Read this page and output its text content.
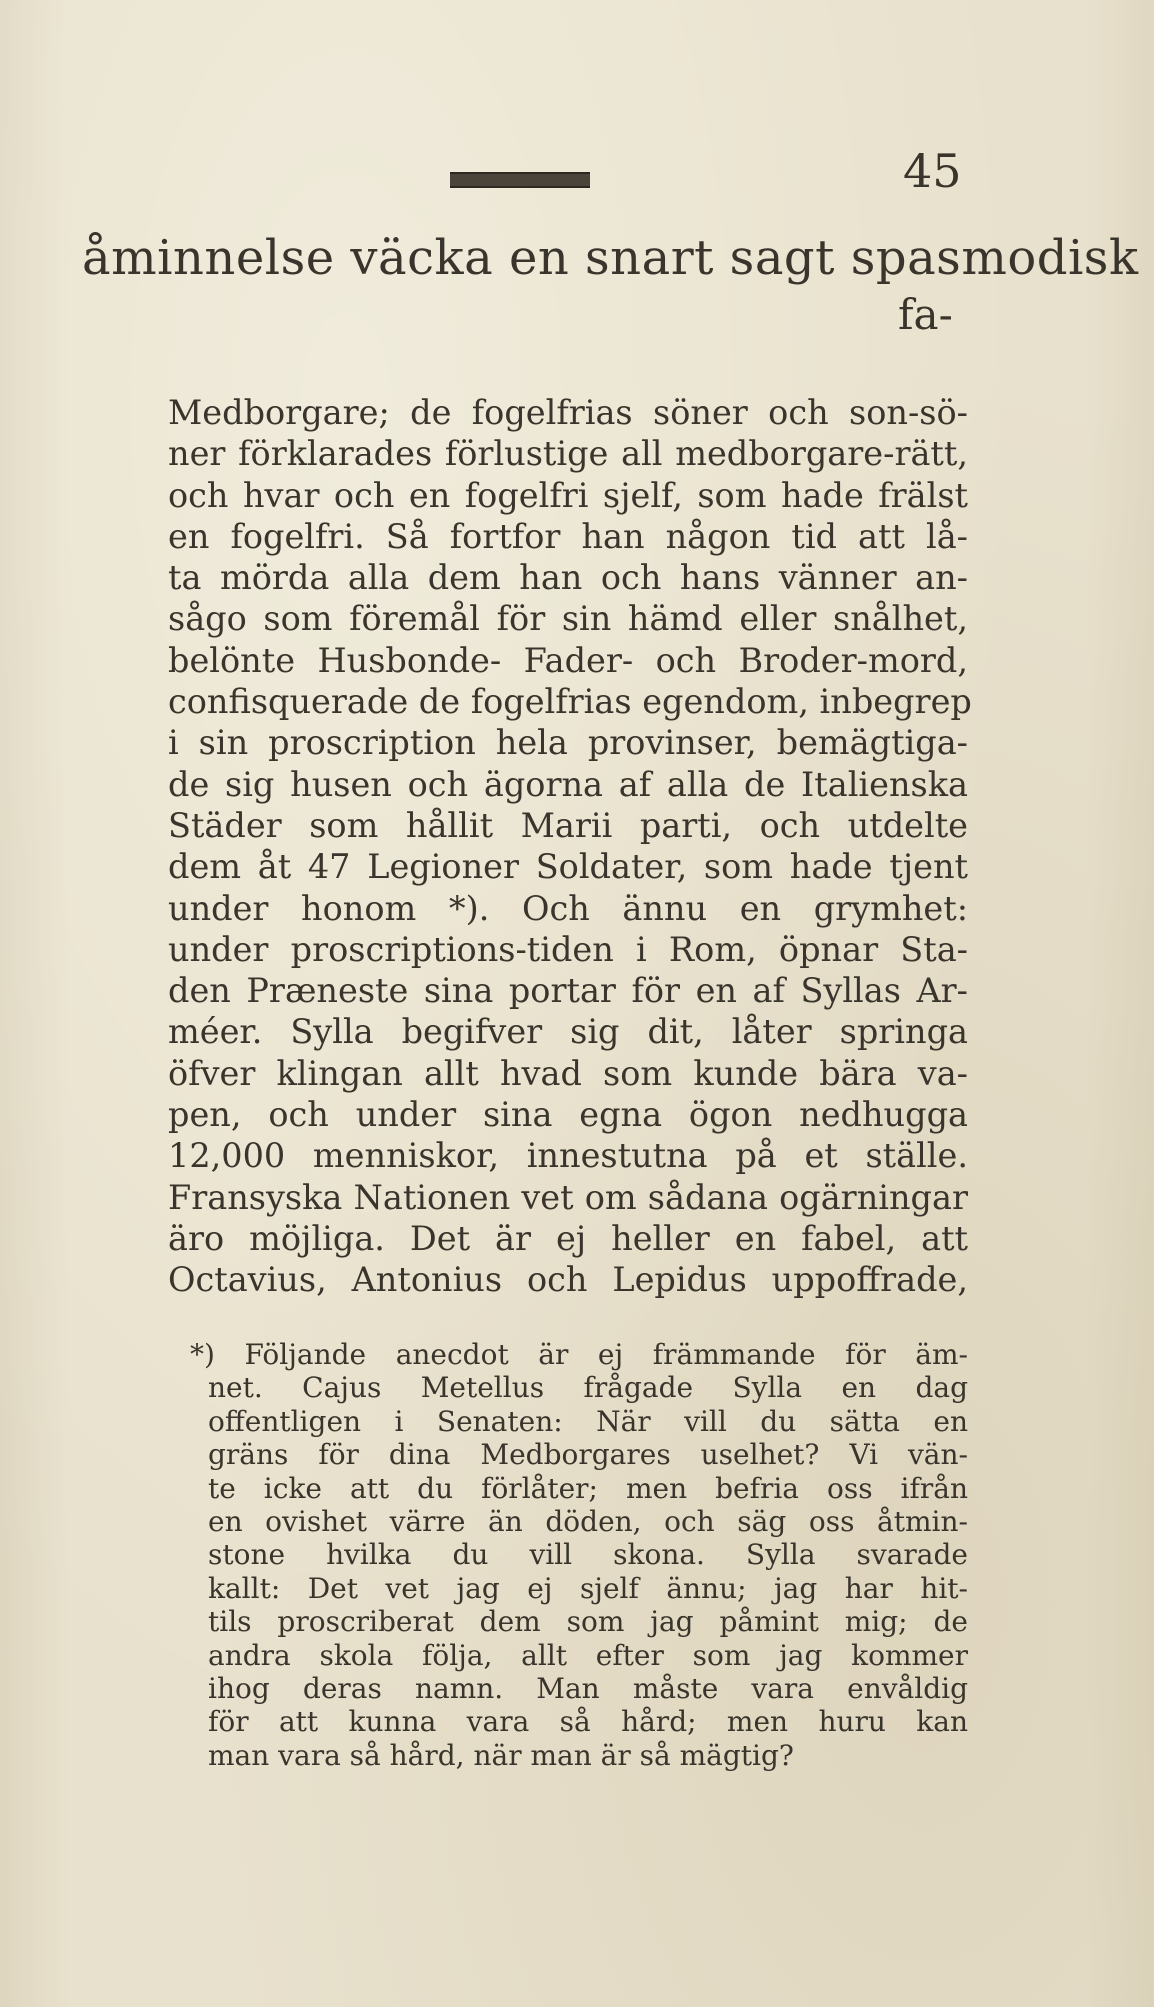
45
åminnelse väcka en snart sagt spasmodisk
fa-
Medborgare; de fogelfrias söner och son-sö-
ner förklarades förlustige all medborgare-rätt,
och hvar och en fogelfri sjelf, som hade frälst
en fogelfri. Så fortfor han någon tid att lå-
ta mörda alla dem han och hans vänner an-
sågo som föremål för sin hämd eller snålhet,
belönte Husbonde- Fader- och Broder-mord,
confisquerade de fogelfrias egendom, inbegrep
i sin proscription hela provinser, bemägtiga-
de sig husen och ägorna af alla de Italienska
Städer som hållit Marii parti, och utdelte
dem åt 47 Legioner Soldater, som hade tjent
under honom *). Och ännu en grymhet:
under proscriptions-tiden i Rom, öpnar Sta-
den Præneste sina portar för en af Syllas Ar-
méer. Sylla begifver sig dit, låter springa
öfver klingan allt hvad som kunde bära va-
pen, och under sina egna ögon nedhugga
12,000 menniskor, innestutna på et ställe.
Fransyska Nationen vet om sådana ogärningar
äro möjliga. Det är ej heller en fabel, att
Octavius, Antonius och Lepidus uppoffrade,
*) Följande anecdot är ej främmande för äm-
net. Cajus Metellus frågade Sylla en dag
offentligen i Senaten: När vill du sätta en
gräns för dina Medborgares uselhet? Vi vän-
te icke att du förlåter; men befria oss ifrån
en ovishet värre än döden, och säg oss åtmin-
stone hvilka du vill skona. Sylla svarade
kallt: Det vet jag ej sjelf ännu; jag har hit-
tils proscriberat dem som jag påmint mig; de
andra skola följa, allt efter som jag kommer
ihog deras namn. Man måste vara envåldig
för att kunna vara så hård; men huru kan
man vara så hård, när man är så mägtig?
